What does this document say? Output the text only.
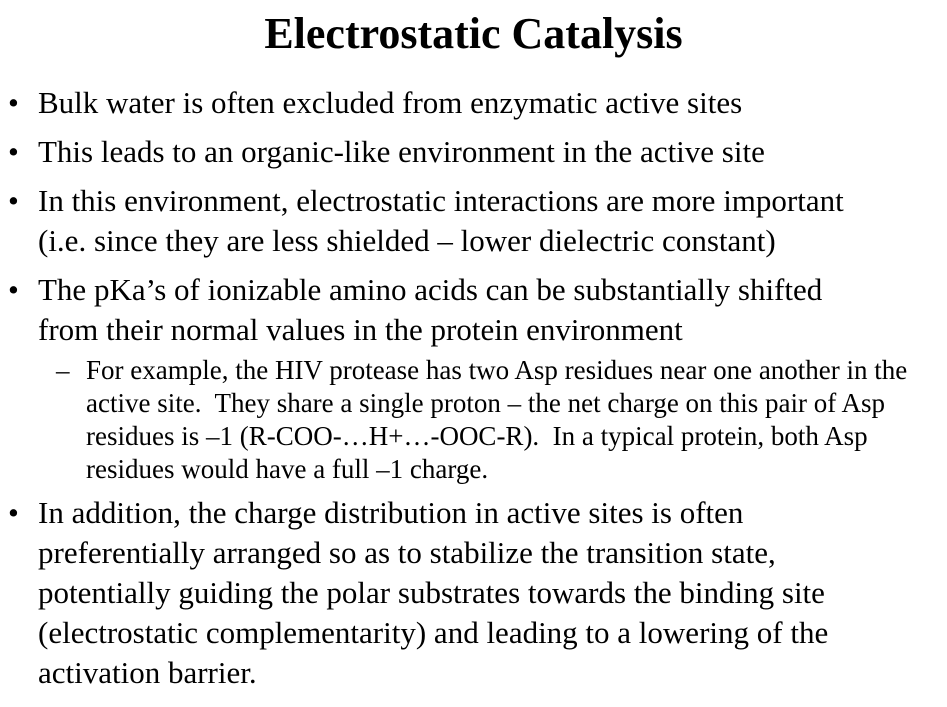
Electrostatic Catalysis
• Bulk water is often excluded from enzymatic active sites
• This leads to an organic-like environment in the active site
• In this environment, electrostatic interactions are more important
(i.e. since they are less shielded – lower dielectric constant)
• The pKa’s of ionizable amino acids can be substantially shifted
from their normal values in the protein environment
– For example, the HIV protease has two Asp residues near one another in the
active site.  They share a single proton – the net charge on this pair of Asp
residues is –1 (R-COO-…H+…-OOC-R).  In a typical protein, both Asp
residues would have a full –1 charge.
• In addition, the charge distribution in active sites is often
preferentially arranged so as to stabilize the transition state,
potentially guiding the polar substrates towards the binding site
(electrostatic complementarity) and leading to a lowering of the
activation barrier.
